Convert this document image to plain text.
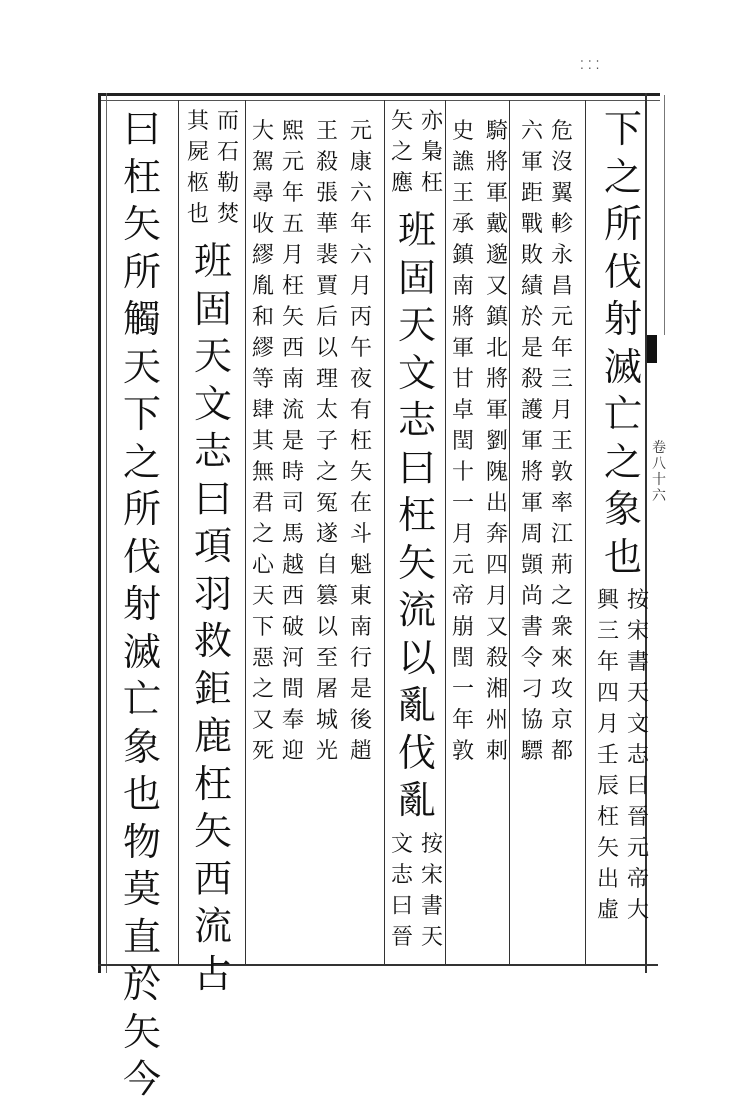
⁚⁚⁚
卷
八
十
六
下
之
所
伐
射
滅
亡
之
象
也
按
宋
書
天
文
志
曰
晉
元
帝
大
興
三
年
四
月
壬
辰
枉
矢
出
虛
危
沒
翼
軫
永
昌
元
年
三
月
王
敦
率
江
荊
之
衆
來
攻
京
都
六
軍
距
戰
敗
績
於
是
殺
護
軍
將
軍
周
顗
尚
書
令
刁
協
驃
騎
將
軍
戴
邈
又
鎮
北
將
軍
劉
隗
出
奔
四
月
又
殺
湘
州
刺
史
譙
王
承
鎮
南
將
軍
甘
卓
閏
十
一
月
元
帝
崩
閏
一
年
敦
亦
梟
枉
矢
之
應
班
固
天
文
志
曰
枉
矢
流
以
亂
伐
亂
按
宋
書
天
文
志
曰
晉
元
康
六
年
六
月
丙
午
夜
有
枉
矢
在
斗
魁
東
南
行
是
後
趙
王
殺
張
華
裴
賈
后
以
理
太
子
之
冤
遂
自
篡
以
至
屠
城
光
熙
元
年
五
月
枉
矢
西
南
流
是
時
司
馬
越
西
破
河
間
奉
迎
大
駕
尋
收
繆
胤
和
繆
等
肆
其
無
君
之
心
天
下
惡
之
又
死
而
石
勒
焚
其
屍
柩
也
班
固
天
文
志
曰
項
羽
救
鉅
鹿
枉
矢
西
流
占
曰
枉
矢
所
觸
天
下
之
所
伐
射
滅
亡
象
也
物
莫
直
於
矢
今
